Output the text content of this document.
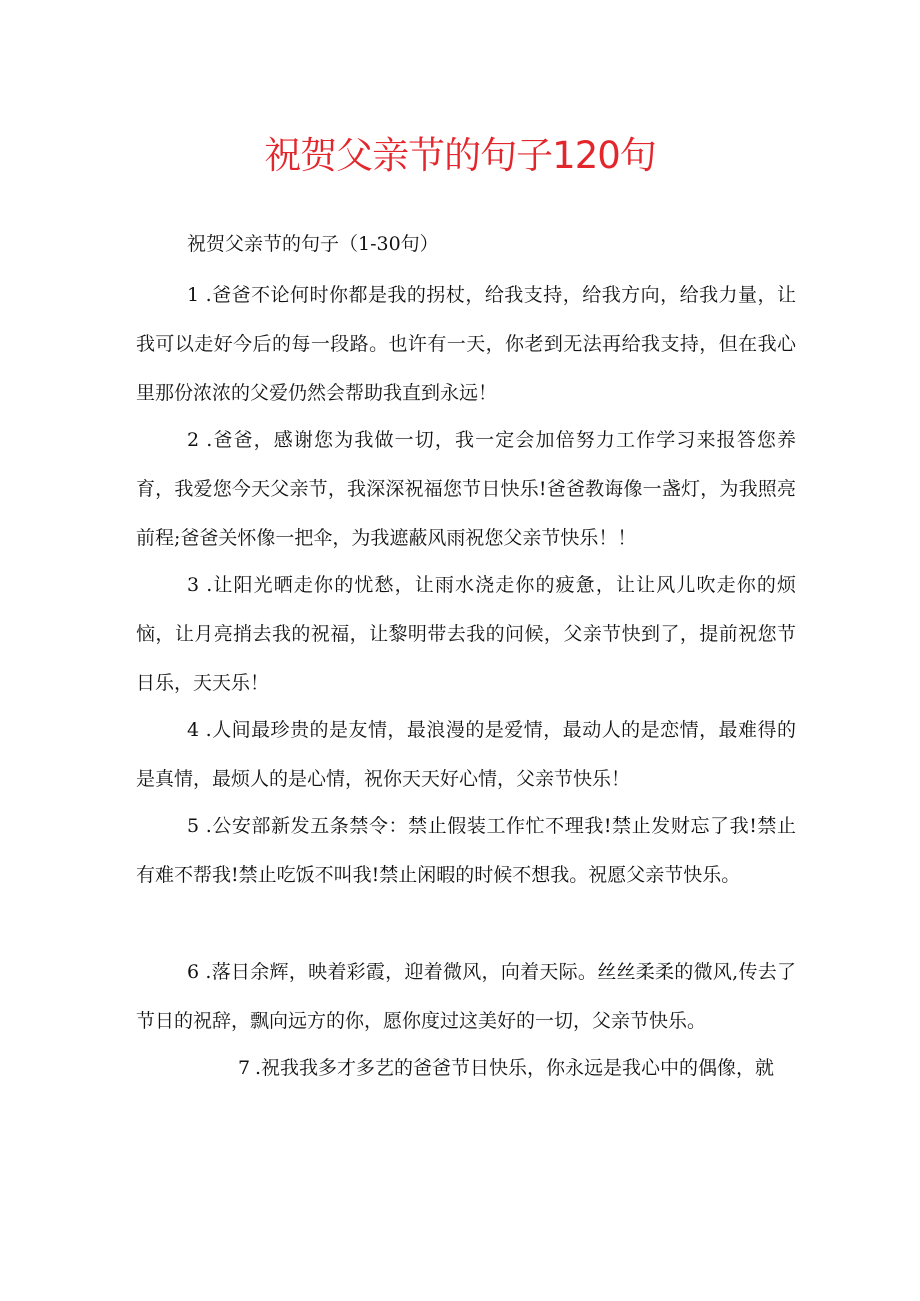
祝贺父亲节的句子120句
祝贺父亲节的句子（1-30句）

1 .爸爸不论何时你都是我的拐杖，给我支持，给我方向，给我力量，让我可以走好今后的每一段路。也许有一天，你老到无法再给我支持，但在我心里那份浓浓的父爱仍然会帮助我直到永远！

2 .爸爸，感谢您为我做一切，我一定会加倍努力工作学习来报答您养育，我爱您今天父亲节，我深深祝福您节日快乐!爸爸教诲像一盏灯，为我照亮前程;爸爸关怀像一把伞，为我遮蔽风雨祝您父亲节快乐！！

3 .让阳光晒走你的忧愁，让雨水浇走你的疲惫，让让风儿吹走你的烦恼，让月亮捎去我的祝福，让黎明带去我的问候，父亲节快到了，提前祝您节日乐，天天乐！

4 .人间最珍贵的是友情，最浪漫的是爱情，最动人的是恋情，最难得的是真情，最烦人的是心情，祝你天天好心情，父亲节快乐！

5 .公安部新发五条禁令：禁止假装工作忙不理我!禁止发财忘了我!禁止有难不帮我!禁止吃饭不叫我!禁止闲暇的时候不想我。祝愿父亲节快乐。

6 .落日余辉，映着彩霞，迎着微风，向着天际。丝丝柔柔的微风,传去了节日的祝辞，飘向远方的你，愿你度过这美好的一切，父亲节快乐。

7 .祝我我多才多艺的爸爸节日快乐，你永远是我心中的偶像，就
